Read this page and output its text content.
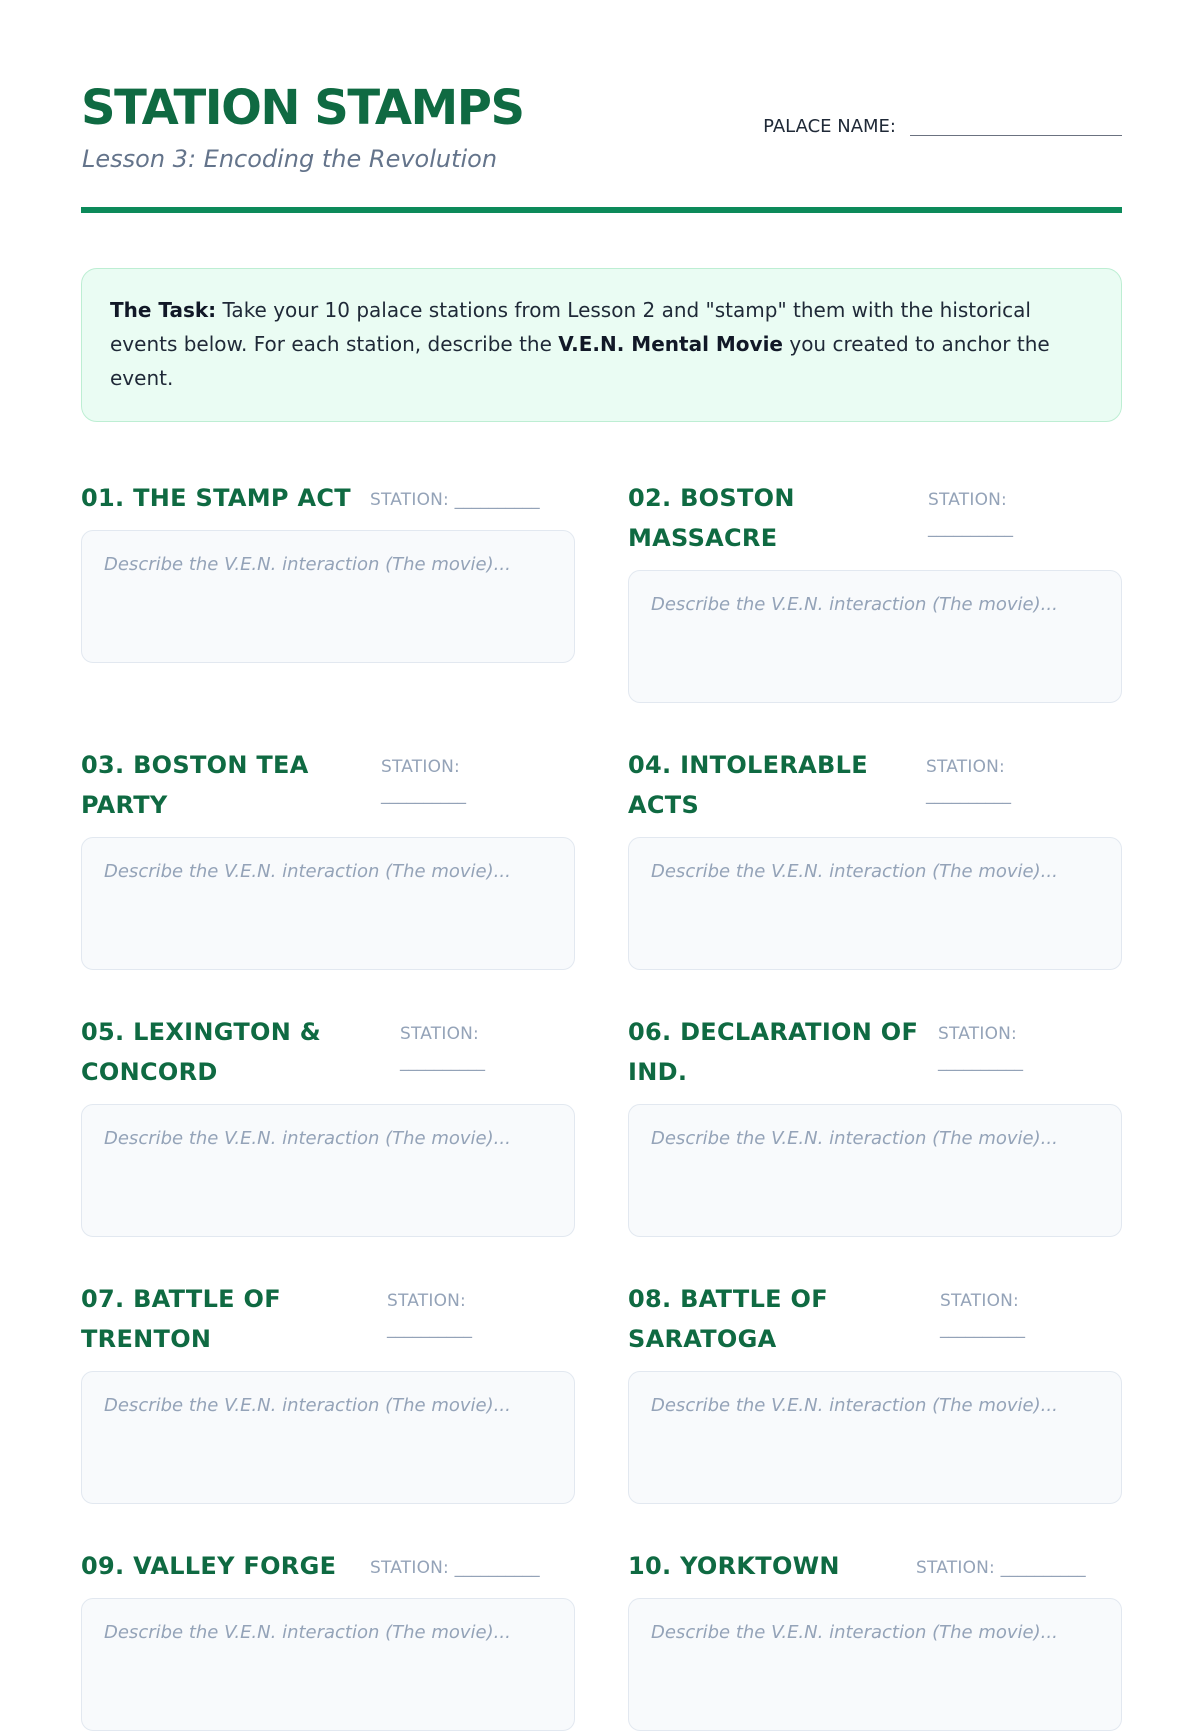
STATION STAMPS
Lesson 3: Encoding the Revolution
PALACE NAME:
The Task: Take your 10 palace stations from Lesson 2 and "stamp" them with the historical events below. For each station, describe the V.E.N. Mental Movie you created to anchor the event.
01. THE STAMP ACT	STATION: __________
Describe the V.E.N. interaction (The movie)...
02. BOSTON MASSACRE
STATION:
__________
Describe the V.E.N. interaction (The movie)...
03. BOSTON TEA PARTY
STATION:
__________
Describe the V.E.N. interaction (The movie)...
04. INTOLERABLE ACTS
STATION:
__________
Describe the V.E.N. interaction (The movie)...
05. LEXINGTON & CONCORD
STATION:
__________
Describe the V.E.N. interaction (The movie)...
06. DECLARATION OF IND.
STATION:
__________
Describe the V.E.N. interaction (The movie)...
07. BATTLE OF TRENTON
STATION:
__________
Describe the V.E.N. interaction (The movie)...
08. BATTLE OF SARATOGA
STATION:
__________
Describe the V.E.N. interaction (The movie)...
09. VALLEY FORGE	STATION: __________
Describe the V.E.N. interaction (The movie)...
10. YORKTOWN	STATION: __________
Describe the V.E.N. interaction (The movie)...
